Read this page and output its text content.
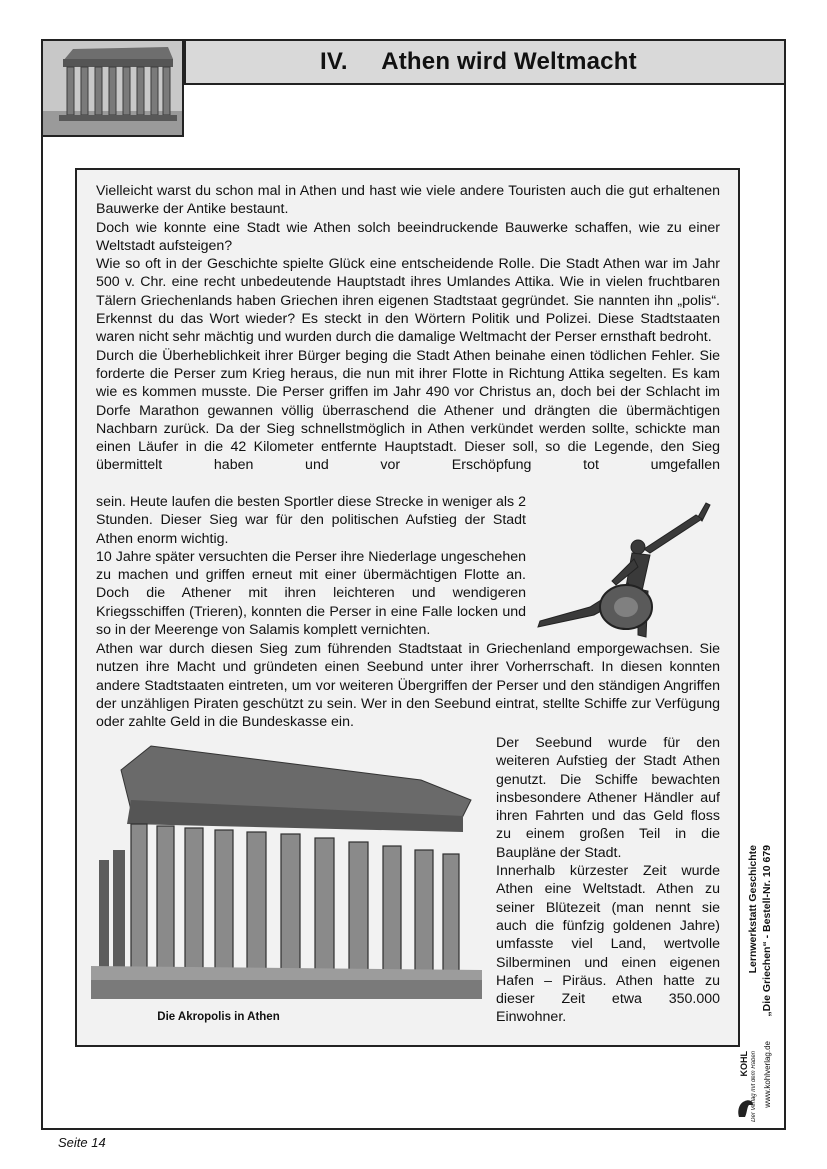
IV.     Athen wird Weltmacht

Vielleicht warst du schon mal in Athen und hast wie viele andere Touristen auch die gut erhaltenen Bauwerke der Antike bestaunt.

Doch wie konnte eine Stadt wie Athen solch beeindruckende Bauwerke schaffen, wie zu einer Weltstadt aufsteigen?

Wie so oft in der Geschichte spielte Glück eine entscheidende Rolle. Die Stadt Athen war im Jahr 500 v. Chr. eine recht unbedeutende Hauptstadt ihres Umlandes Attika. Wie in vielen fruchtbaren Tälern Griechenlands haben Griechen ihren eigenen Stadtstaat gegründet. Sie nannten ihn „polis“. Erkennst du das Wort wieder? Es steckt in den Wörtern Politik und Polizei. Diese Stadtstaaten waren nicht sehr mächtig und wurden durch die damalige Weltmacht der Perser ernsthaft bedroht.

Durch die Überheblichkeit ihrer Bürger beging die Stadt Athen beinahe einen tödlichen Fehler. Sie forderte die Perser zum Krieg heraus, die nun mit ihrer Flotte in Richtung Attika segelten. Es kam wie es kommen musste. Die Perser griffen im Jahr 490 vor Christus an, doch bei der Schlacht im Dorfe Marathon gewannen völlig überraschend die Athener und drängten die übermächtigen Nachbarn zurück. Da der Sieg schnellstmöglich in Athen verkündet werden sollte, schickte man einen Läufer in die 42 Kilometer entfernte Hauptstadt. Dieser soll, so die Legende, den Sieg übermittelt haben und vor Erschöpfung tot umgefallen

sein. Heute laufen die besten Sportler diese Strecke in weniger als 2 Stunden. Dieser Sieg war für den politischen Aufstieg der Stadt Athen enorm wichtig.

10 Jahre später versuchten die Perser ihre Niederlage ungeschehen zu machen und griffen erneut mit einer übermächtigen Flotte an. Doch die Athener mit ihren leichteren und wendigeren Kriegsschiffen (Trieren), konnten die Perser in eine Falle locken und so in der Meerenge von Salamis komplett vernichten.

Athen war durch diesen Sieg zum führenden Stadtstaat in Griechenland emporgewachsen. Sie nutzen ihre Macht und gründeten einen Seebund unter ihrer Vorherrschaft. In diesen konnten andere Stadtstaaten eintreten, um vor weiteren Übergriffen der Perser und den ständigen Angriffen der unzähligen Piraten geschützt zu sein. Wer in den Seebund eintrat, stellte Schiffe zur Verfügung oder zahlte Geld in die Bundeskasse ein.

Die Akropolis in Athen

Der Seebund wurde für den weiteren Aufstieg der Stadt Athen genutzt. Die Schiffe bewachten insbesondere Athener Händler auf ihren Fahrten und das Geld floss zu einem großen Teil in die Baupläne der Stadt.

Innerhalb kürzester Zeit wurde Athen eine Weltstadt. Athen zu seiner Blütezeit (man nennt sie auch die fünfzig goldenen Jahre) umfasste viel Land, wertvolle Silberminen und einen eigenen Hafen – Piräus. Athen hatte zu dieser Zeit etwa 350.000 Einwohner.

Lernwerkstatt Geschichte „Die Griechen“ - Bestell-Nr. 10 679
KOHL Der Verlag mit dem Raben www.kohlverlag.de
Seite 14
